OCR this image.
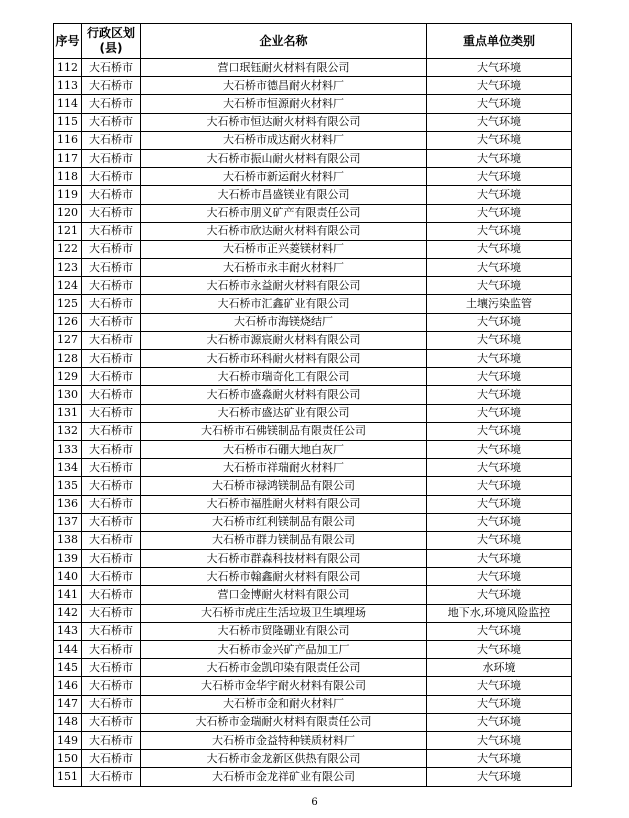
序号	行政区划(县)	企业名称	重点单位类别
112	大石桥市	营口珉钰耐火材料有限公司	大气环境
113	大石桥市	大石桥市德昌耐火材料厂	大气环境
114	大石桥市	大石桥市恒源耐火材料厂	大气环境
115	大石桥市	大石桥市恒达耐火材料有限公司	大气环境
116	大石桥市	大石桥市成达耐火材料厂	大气环境
117	大石桥市	大石桥市振山耐火材料有限公司	大气环境
118	大石桥市	大石桥市新运耐火材料厂	大气环境
119	大石桥市	大石桥市昌盛镁业有限公司	大气环境
120	大石桥市	大石桥市朋义矿产有限责任公司	大气环境
121	大石桥市	大石桥市欣达耐火材料有限公司	大气环境
122	大石桥市	大石桥市正兴菱镁材料厂	大气环境
123	大石桥市	大石桥市永丰耐火材料厂	大气环境
124	大石桥市	大石桥市永益耐火材料有限公司	大气环境
125	大石桥市	大石桥市汇鑫矿业有限公司	土壤污染监管
126	大石桥市	大石桥市海镁烧结厂	大气环境
127	大石桥市	大石桥市源宸耐火材料有限公司	大气环境
128	大石桥市	大石桥市环科耐火材料有限公司	大气环境
129	大石桥市	大石桥市瑞奇化工有限公司	大气环境
130	大石桥市	大石桥市盛淼耐火材料有限公司	大气环境
131	大石桥市	大石桥市盛达矿业有限公司	大气环境
132	大石桥市	大石桥市石佛镁制品有限责任公司	大气环境
133	大石桥市	大石桥市石硼大地白灰厂	大气环境
134	大石桥市	大石桥市祥瑞耐火材料厂	大气环境
135	大石桥市	大石桥市禄鸿镁制品有限公司	大气环境
136	大石桥市	大石桥市福胜耐火材料有限公司	大气环境
137	大石桥市	大石桥市红利镁制品有限公司	大气环境
138	大石桥市	大石桥市群力镁制品有限公司	大气环境
139	大石桥市	大石桥市群森科技材料有限公司	大气环境
140	大石桥市	大石桥市翰鑫耐火材料有限公司	大气环境
141	大石桥市	营口金博耐火材料有限公司	大气环境
142	大石桥市	大石桥市虎庄生活垃圾卫生填埋场	地下水,环境风险监控
143	大石桥市	大石桥市贸隆硼业有限公司	大气环境
144	大石桥市	大石桥市金兴矿产品加工厂	大气环境
145	大石桥市	大石桥市金凯印染有限责任公司	水环境
146	大石桥市	大石桥市金华宇耐火材料有限公司	大气环境
147	大石桥市	大石桥市金和耐火材料厂	大气环境
148	大石桥市	大石桥市金瑞耐火材料有限责任公司	大气环境
149	大石桥市	大石桥市金益特种镁质材料厂	大气环境
150	大石桥市	大石桥市金龙新区供热有限公司	大气环境
151	大石桥市	大石桥市金龙祥矿业有限公司	大气环境
6
